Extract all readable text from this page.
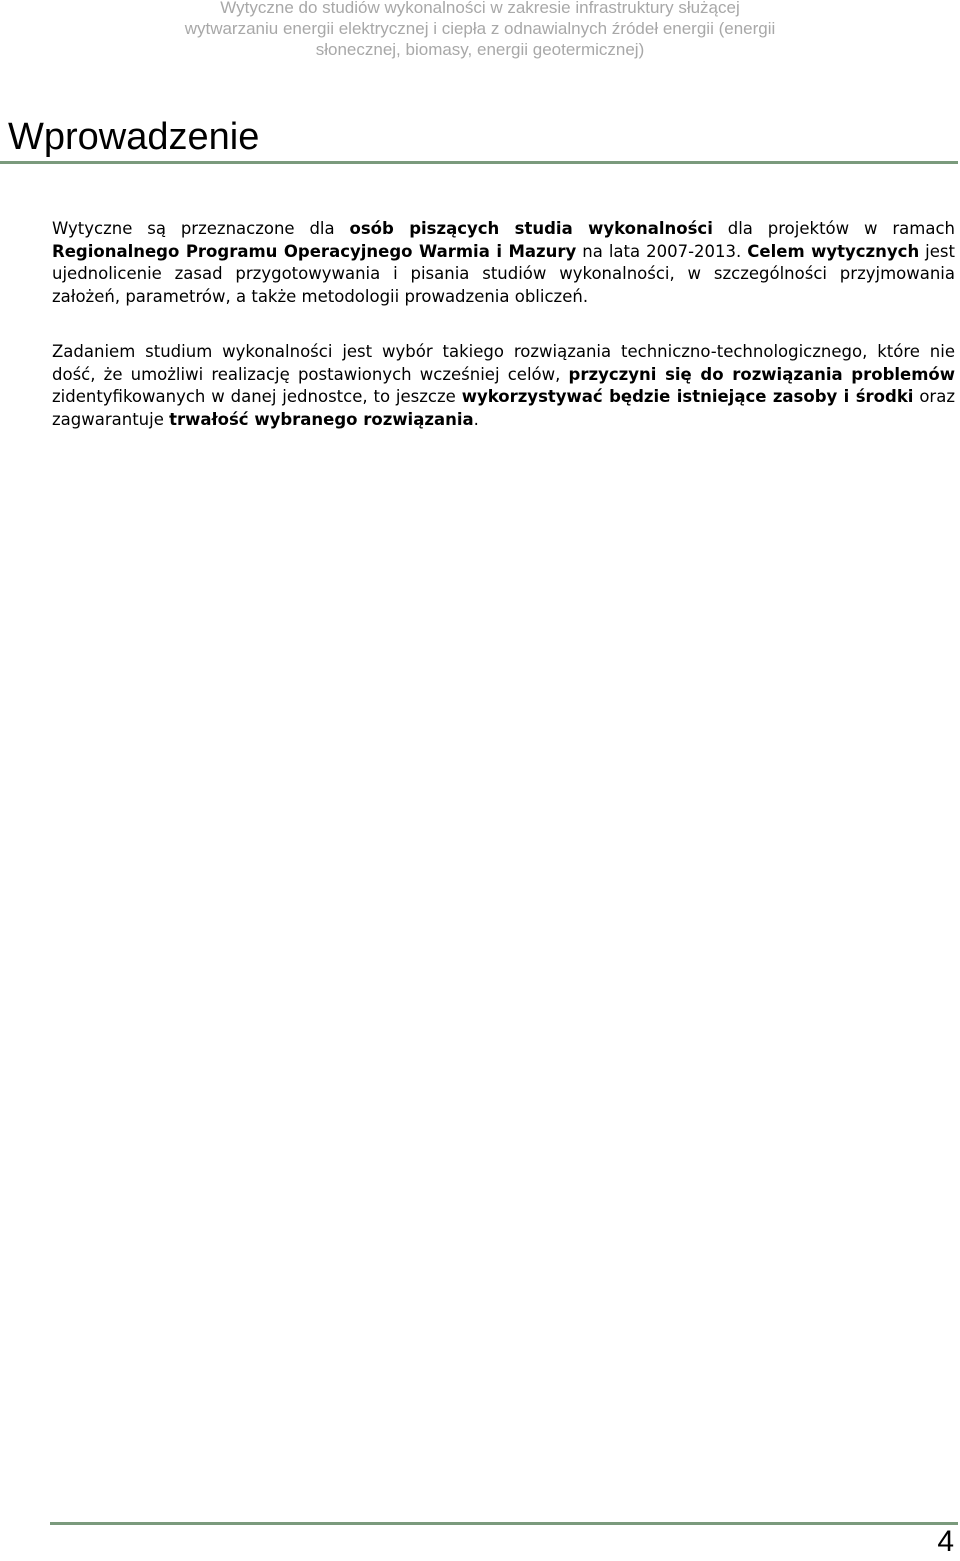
Wytyczne do studiów wykonalności w zakresie infrastruktury służącej
wytwarzaniu energii elektrycznej i ciepła z odnawialnych źródeł energii (energii
słonecznej, biomasy, energii geotermicznej)
Wprowadzenie

Wytyczne są przeznaczone dla osób piszących studia wykonalności dla projektów w ramach Regionalnego Programu Operacyjnego Warmia i Mazury na lata 2007-2013. Celem wytycznych jest ujednolicenie zasad przygotowywania i pisania studiów wykonalności, w szczególności przyjmowania założeń, parametrów, a także metodologii prowadzenia obliczeń.

Zadaniem studium wykonalności jest wybór takiego rozwiązania techniczno-technologicznego, które nie dość, że umożliwi realizację postawionych wcześniej celów, przyczyni się do rozwiązania problemów zidentyfikowanych w danej jednostce, to jeszcze wykorzystywać będzie istniejące zasoby i środki oraz zagwarantuje trwałość wybranego rozwiązania.

4
